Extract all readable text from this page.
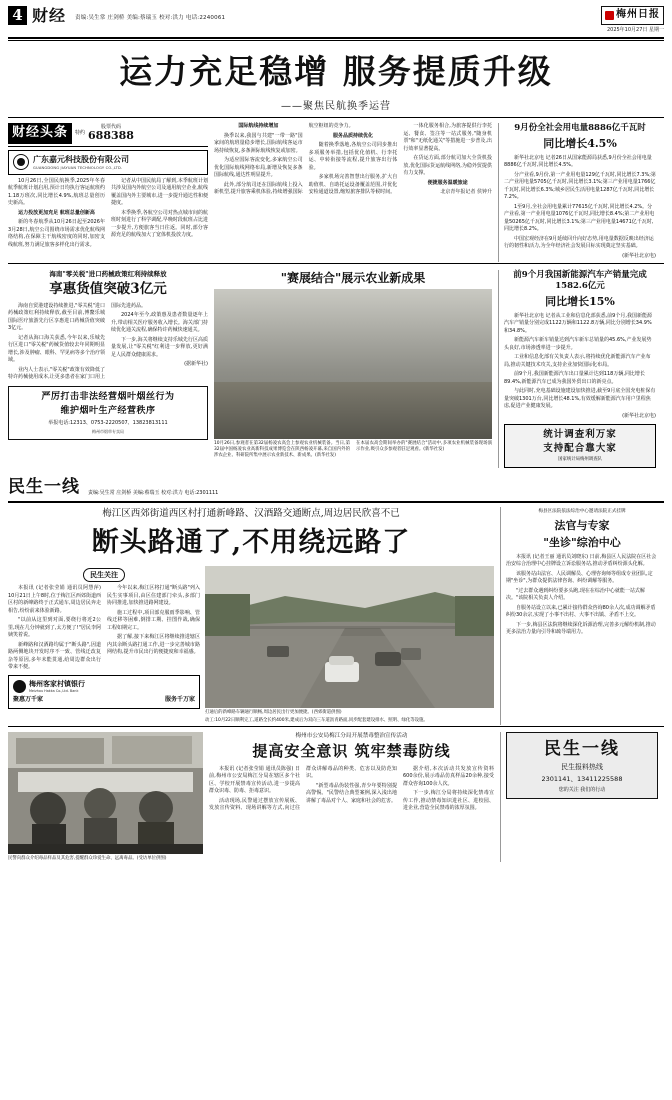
4 财经 责编:吴生常 庄剑桥 美编:蔡瑞玉 校对:洪力 电话:2240061	梅州日报
2025年10月27日 星期一
运力充足稳增 服务提质升级
——聚焦民航换季运营
财经头条	特约
股票代码
688388
广东嘉元科技股份有限公司
GUANGDONG JIAYUAN TECHNOLOGY CO.,LTD.

10月26日,全国民航换季,2025年冬春航季航班计划启用,预计日均执行客运航班约1.18万班次,同比增长4.9%,航班总量创历史新高。

运力投放更加充足 航班总量创新高

新的冬春航季从10月26日起至2026年3月28日,航空公司围绕市场需求优化航线网络结构,在保障主干航线密度的同时,加密支线航班,努力满足旅客多样化出行需求。

记者从中国民航局了解到,本季航班计划共涉及国内外航空公司及通用航空企业,航线覆盖国内外主要城市,进一步提升通达性和便捷度。

本季换季,各航空公司对热点城市间的航班时刻进行了科学调配,早晚时段航班占比进一步提升,方便旅客当日往返。同时,部分客源充足的航线加大了宽体机投放力度。

国际航线持续增加

换季以来,我国与共建"一带一路"国家间的航班量稳步增长,国际航线客运市场持续恢复,多条洲际航线恢复或加密。

为适应国际客流变化,多家航空公司优化国际航线网络布局,新增及恢复多条国际航线,通达性明显提升。

此外,部分航司还在国际航线上投入新机型,提升旅客乘机体验,持续增强国际航空枢纽的竞争力。

服务品质持续优化

随着换季落地,各航空公司同步推出多项服务举措,包括优化值机、行李托运、中转衔接等流程,提升旅客出行体验。

多家机场完善智慧出行服务,扩大自助值机、自助托运设备覆盖范围,并优化安检通道设置,缩短旅客排队等候时间。

一体化服务相合,为旅客提供行李托运、餐食、签注等一站式服务,"随身机票"和"无纸化通关"等措施进一步普及,出行效率显著提高。

在货运方面,部分航司加大全货机投放,优化国际货运航线网络,为稳外贸提供有力支撑。

便捷服务温暖旅途

北京青年报记者 侯钟升
9月份全社会用电量8886亿千瓦时
同比增长4.5%

新华社北京电 记者26日从国家能源局获悉,9月份全社会用电量8886亿千瓦时,同比增长4.5%。

分产业看,9月份,第一产业用电量129亿千瓦时,同比增长7.3%;第二产业用电量5705亿千瓦时,同比增长3.1%;第三产业用电量1766亿千瓦时,同比增长6.3%;城乡居民生活用电量1287亿千瓦时,同比增长7.2%。

1至9月,全社会用电量累计77615亿千瓦时,同比增长4.2%。分产业看,第一产业用电量1076亿千瓦时,同比增长8.4%;第二产业用电量50265亿千瓦时,同比增长3.1%;第三产业用电量14671亿千瓦时,同比增长8.2%。

中国宏观经济在9月延续回升向好态势,用电量数据反映出经济运行的韧性和活力,为全年经济社会发展目标实现奠定坚实基础。

(新华社北京电)
海南"零关税"进口药械政策红利持续释放
享惠货值突破3亿元

海南自贸港建设持续推进,"零关税"进口药械政策红利持续释放,截至目前,博鳌乐城国际医疗旅游先行区享惠进口药械货值突破3亿元。

记者从海口海关获悉,今年以来,乐城先行区进口"零关税"药械货值较去年同期明显增长,涉及肿瘤、眼科、罕见病等多个治疗领域。

业内人士表示,"零关税"政策有效降低了特许药械使用成本,让更多患者在家门口用上国际先进药品。

2024年至今,政策惠及患者数量逐年上升,带动相关医疗服务收入增长。海关部门持续优化通关流程,确保特许药械快速通关。

下一步,海关将继续支持乐城先行区高质量发展,让"零关税"红利进一步释放,更好满足人民群众健康需求。

(据新华社)
严厉打击非法经营烟叶烟丝行为
维护烟叶生产经营秩序
举报电话:12313、0753-2220507、13823813111
梅州市烟草专卖局
"赛展结合"展示农业新成果
10月26日,参观者在第32届杨凌农高会上参观农业机械装备。当日,第32届中国杨凌农业高新科技成果博览会在陕西杨凌开幕,来自国内外的涉农企业、科研院所集中展示农业新技术、新成果。(新华社发)
在本届农高会期间举办的"赛展结合"活动中,多项农业机械装备现场演示作业,吸引众多参观者驻足观看。(新华社发)
前9个月我国新能源汽车产销量完成1582.6亿元
同比增长15%

新华社北京电 记者从工业和信息化部获悉,前9个月,我国新能源汽车产销量分别完成1122万辆和1122.8万辆,同比分别增长34.9%和34.8%。

新能源汽车新车销量达到汽车新车总销量的45.6%,产业发展势头良好,市场渗透率进一步提升。

工业和信息化部有关负责人表示,将持续优化新能源汽车产业布局,推动关键技术攻关,支持企业加快国际化布局。

前9个月,我国新能源汽车出口量累计达到118万辆,同比增长89.4%,新能源汽车已成为我国外贸出口的新亮点。

与此同时,充电基础设施建设加快推进,截至9月底全国充电桩保有量突破1301万台,同比增长48.1%,有效缓解新能源汽车用户里程焦虑,促进产业健康发展。

(新华社北京电)
统计调查利万家
支持配合靠大家
国家统计局梅州调查队
民生一线 责编:吴生常 庄剑桥 美编:蔡瑞玉 校对:洪力 电话:2301111
梅江区西郊街道西区村打通新峰路、汉酒路交通断点,周边居民欣喜不已
断头路通了,不用绕远路了
民生关注

本报讯 (记者张莹娟 通讯员阿慧萍) 10月21日上午8时,位于梅江区西郊街道西区村的新峰路终于正式通车,周边居民奔走相告,纷纷前来体验新路。

"以前从这里到对面,要绕行将近2公里,现在几分钟就到了,太方便了!"居民李阿姨笑着说。

新峰路和汉酒路均属于"断头路",因道路两侧地块开发时序不一致、管线迁改复杂等原因,多年未能贯通,给周边群众出行带来不便。

今年以来,梅江区将打通"断头路"列入民生实事项目,由区住建部门牵头,多部门协同推进,加快推进路网建设。

施工过程中,项目部克服雨季影响、管线迁移等困难,倒排工期、挂图作战,确保工程如期完工。

据了解,接下来梅江区将继续推进辖区内其余断头路打通工作,进一步完善城市路网结构,提升市民出行的便捷度和幸福感。

梅州客家村镇银行
Meizhou Hakka Co.,Ltd. Bank
聚惠万千家	服务千万家
打通后的新峰路车辆通行顺畅,周边居民出行更加便捷。(西郊街道供图)
动工:10月22日顺利完工,道路全长约400米,建成后为双向三车道沥青路面,同步配套建设排水、照明、绿化等设施。
梅县区法院依法综治中心邀请法院正式挂牌
法官与专家
"坐诊"综治中心

本报讯 (记者王丽 通讯员刘晓东) 日前,梅县区人民法院在区社会治安综合治理中心挂牌设立诉讼服务站,推动矛盾纠纷源头化解。

该服务站由法官、人民调解员、心理咨询师等组成专业团队,定期"坐诊",为群众提供法律咨询、纠纷调解等服务。

"过去群众遇到纠纷要多头跑,现在在综治中心就能一站式解决。"该院相关负责人介绍。

自服务站设立以来,已累计接待群众咨询80余人次,成功调解矛盾纠纷30余宗,实现了小事不出村、大事不出镇、矛盾不上交。

下一步,梅县区法院将继续深化诉源治理,完善多元解纷机制,推动更多法治力量向引导和疏导端用力。

民警向群众介绍毒品样品及其危害,提醒群众珍爱生命、远离毒品。(受访单位供图)
梅州市公安局梅江分局开展禁毒整治宣传活动
提高安全意识 筑牢禁毒防线

本报讯 (记者张莹娟 通讯员陈强) 日前,梅州市公安局梅江分局在辖区多个社区、学校开展禁毒宣传活动,进一步提高群众识毒、防毒、拒毒意识。

活动现场,民警通过摆放宣传展板、发放宣传资料、现场讲解等方式,向过往群众讲解毒品的种类、危害以及防范知识。

"新型毒品伪装性强,青少年要特别提高警惕。"民警结合典型案例,深入浅出地讲解了毒品对个人、家庭和社会的危害。

据介绍,本次活动共发放宣传资料600余份,展示毒品仿真样品20余种,接受群众咨询100余人次。

下一步,梅江分局将持续深化禁毒宣传工作,推动禁毒知识进社区、进校园、进企业,营造全民禁毒的浓厚氛围。

民生一线
民生报料热线
2301141、13411225588
您的关注 我们的行动
